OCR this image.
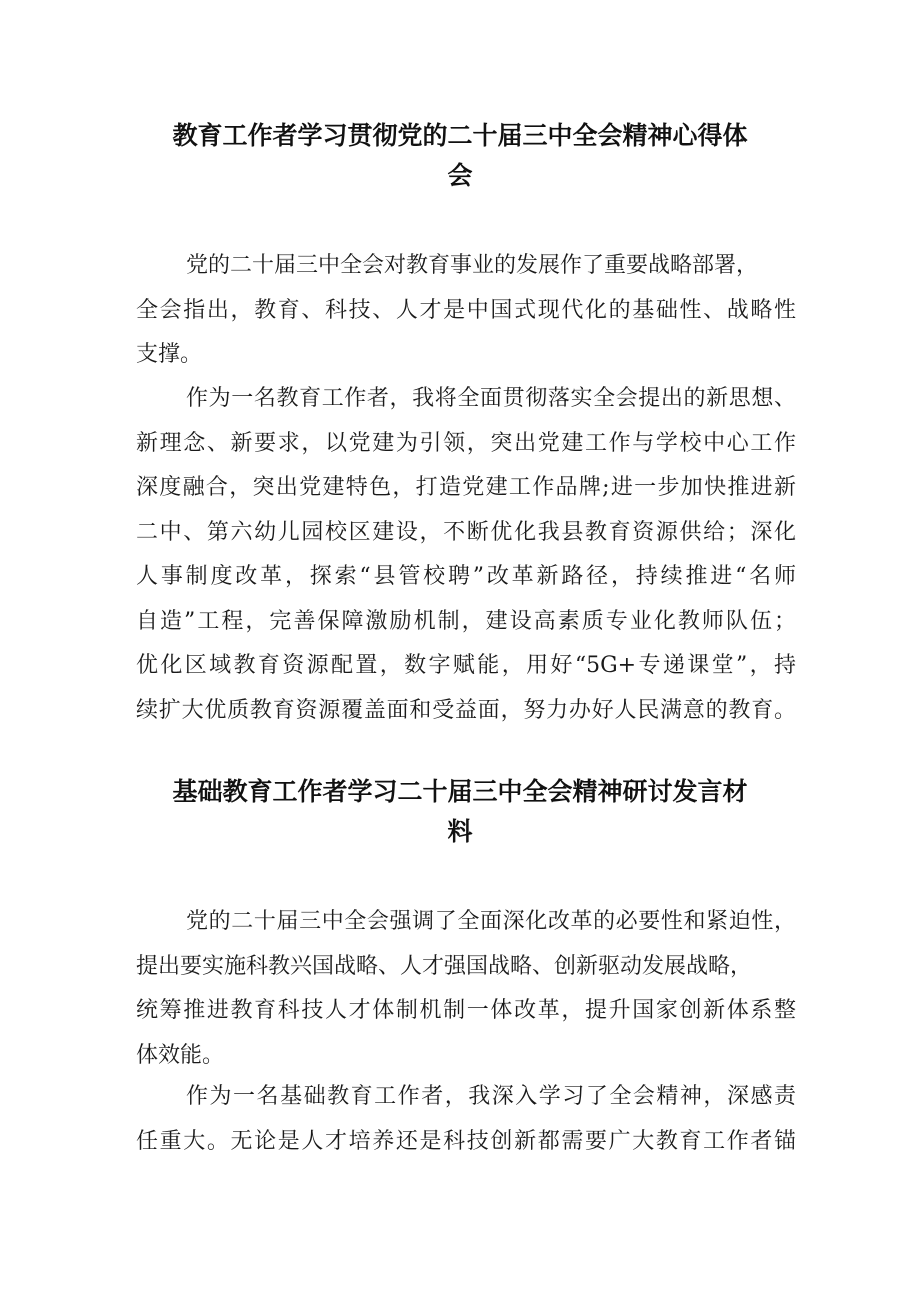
教育工作者学习贯彻党的二十届三中全会精神心得体
会
党的二十届三中全会对教育事业的发展作了重要战略部署，
全会指出，教育、科技、人才是中国式现代化的基础性、战略性
支撑。
作为一名教育工作者，我将全面贯彻落实全会提出的新思想、
新理念、新要求，以党建为引领，突出党建工作与学校中心工作
深度融合，突出党建特色，打造党建工作品牌;进一步加快推进新
二中、第六幼儿园校区建设，不断优化我县教育资源供给；深化
人事制度改革，探索“县管校聘”改革新路径，持续推进“名师
自造”工程，完善保障激励机制，建设高素质专业化教师队伍；
优化区域教育资源配置，数字赋能，用好“5G+专递课堂”，持
续扩大优质教育资源覆盖面和受益面，努力办好人民满意的教育。
基础教育工作者学习二十届三中全会精神研讨发言材
料
党的二十届三中全会强调了全面深化改革的必要性和紧迫性，
提出要实施科教兴国战略、人才强国战略、创新驱动发展战略，
统筹推进教育科技人才体制机制一体改革，提升国家创新体系整
体效能。
作为一名基础教育工作者，我深入学习了全会精神，深感责
任重大。无论是人才培养还是科技创新都需要广大教育工作者锚
